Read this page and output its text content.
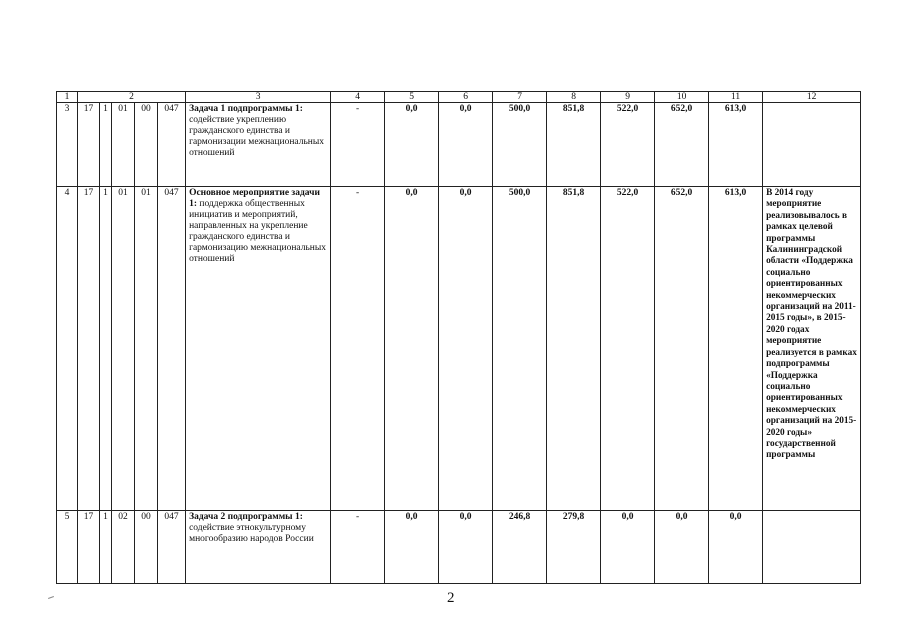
1	2					3	4	5	6	7	8	9	10	11	12
3	17	1	01	00	047	Задача 1 подпрограммы 1: содействие укреплению гражданского единства и гармонизации межнациональных отношений	-	0,0	0,0	500,0	851,8	522,0	652,0	613,0	
4	17	1	01	01	047	Основное мероприятие задачи 1: поддержка общественных инициатив и мероприятий, направленных на укрепление гражданского единства и гармонизацию межнациональных отношений	-	0,0	0,0	500,0	851,8	522,0	652,0	613,0	В 2014 году мероприятие реализовывалось в рамках целевой программы Калининградской области «Поддержка социально ориентированных некоммерческих организаций на 2011-2015 годы», в 2015-2020 годах мероприятие реализуется в рамках подпрограммы «Поддержка социально ориентированных некоммерческих организаций на 2015-2020 годы» государственной программы
5	17	1	02	00	047	Задача 2 подпрограммы 1: содействие этнокультурному многообразию народов России	-	0,0	0,0	246,8	279,8	0,0	0,0	0,0	
2
